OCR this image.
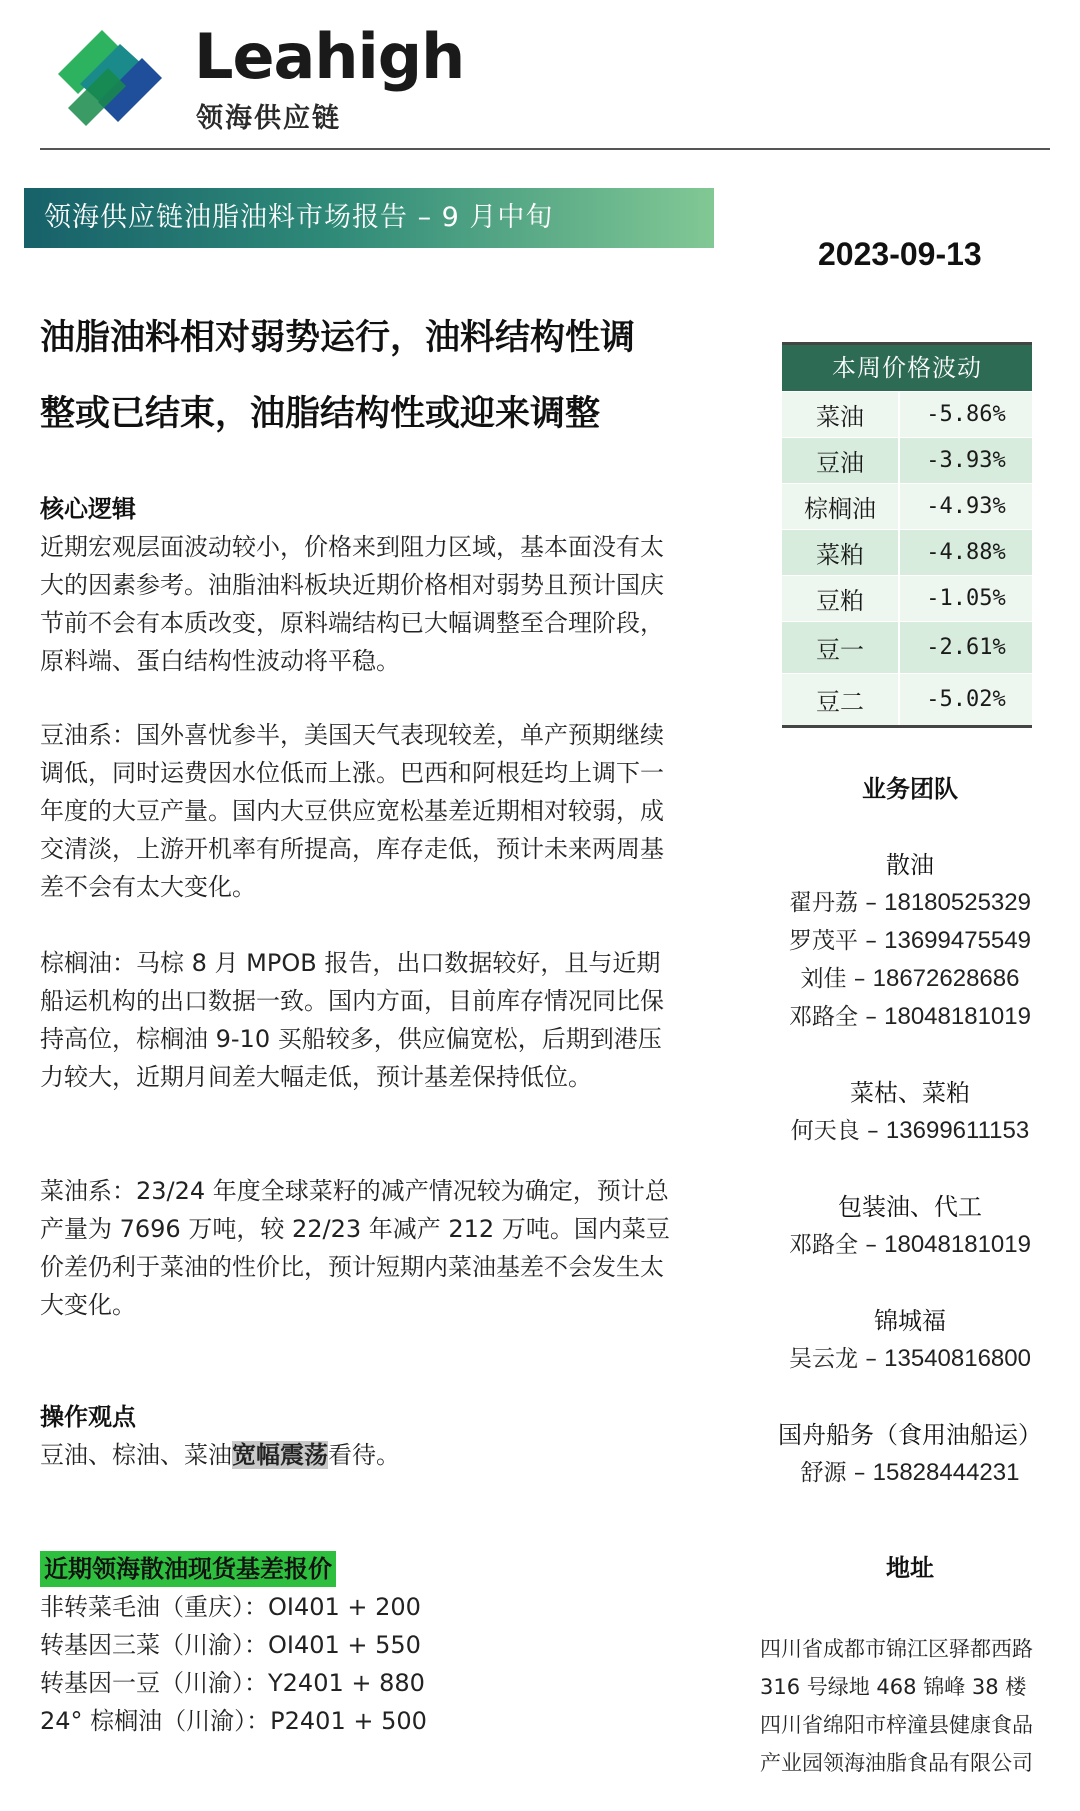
Leahigh
领海供应链
领海供应链油脂油料市场报告 – 9 月中旬
2023-09-13
油脂油料相对弱势运行，油料结构性调
整或已结束，油脂结构性或迎来调整
核心逻辑
近期宏观层面波动较小，价格来到阻力区域，基本面没有太大的因素参考。油脂油料板块近期价格相对弱势且预计国庆节前不会有本质改变，原料端结构已大幅调整至合理阶段，原料端、蛋白结构性波动将平稳。
豆油系：国外喜忧参半，美国天气表现较差，单产预期继续调低，同时运费因水位低而上涨。巴西和阿根廷均上调下一年度的大豆产量。国内大豆供应宽松基差近期相对较弱，成交清淡，上游开机率有所提高，库存走低，预计未来两周基差不会有太大变化。
棕榈油：马棕 8 月 MPOB 报告，出口数据较好，且与近期船运机构的出口数据一致。国内方面，目前库存情况同比保持高位，棕榈油 9-10 买船较多，供应偏宽松，后期到港压力较大，近期月间差大幅走低，预计基差保持低位。
菜油系：23/24 年度全球菜籽的减产情况较为确定，预计总产量为 7696 万吨，较 22/23 年减产 212 万吨。国内菜豆价差仍利于菜油的性价比，预计短期内菜油基差不会发生太大变化。
操作观点
豆油、棕油、菜油宽幅震荡看待。
近期领海散油现货基差报价
非转菜毛油（重庆）：OI401 + 200
转基因三菜（川渝）：OI401 + 550
转基因一豆（川渝）：Y2401 + 880
24° 棕榈油（川渝）：P2401 + 500
本周价格波动
菜油	-5.86%
豆油	-3.93%
棕榈油	-4.93%
菜粕	-4.88%
豆粕	-1.05%
豆一	-2.61%
豆二	-5.02%
业务团队
散油
翟丹荔 – 18180525329
罗茂平 – 13699475549
刘佳 – 18672628686
邓路全 – 18048181019
菜枯、菜粕
何天良 – 13699611153
包装油、代工
邓路全 – 18048181019
锦城福
吴云龙 – 13540816800
国舟船务（食用油船运）
舒源 – 15828444231
地址
四川省成都市锦江区驿都西路
316 号绿地 468 锦峰 38 楼
四川省绵阳市梓潼县健康食品
产业园领海油脂食品有限公司
